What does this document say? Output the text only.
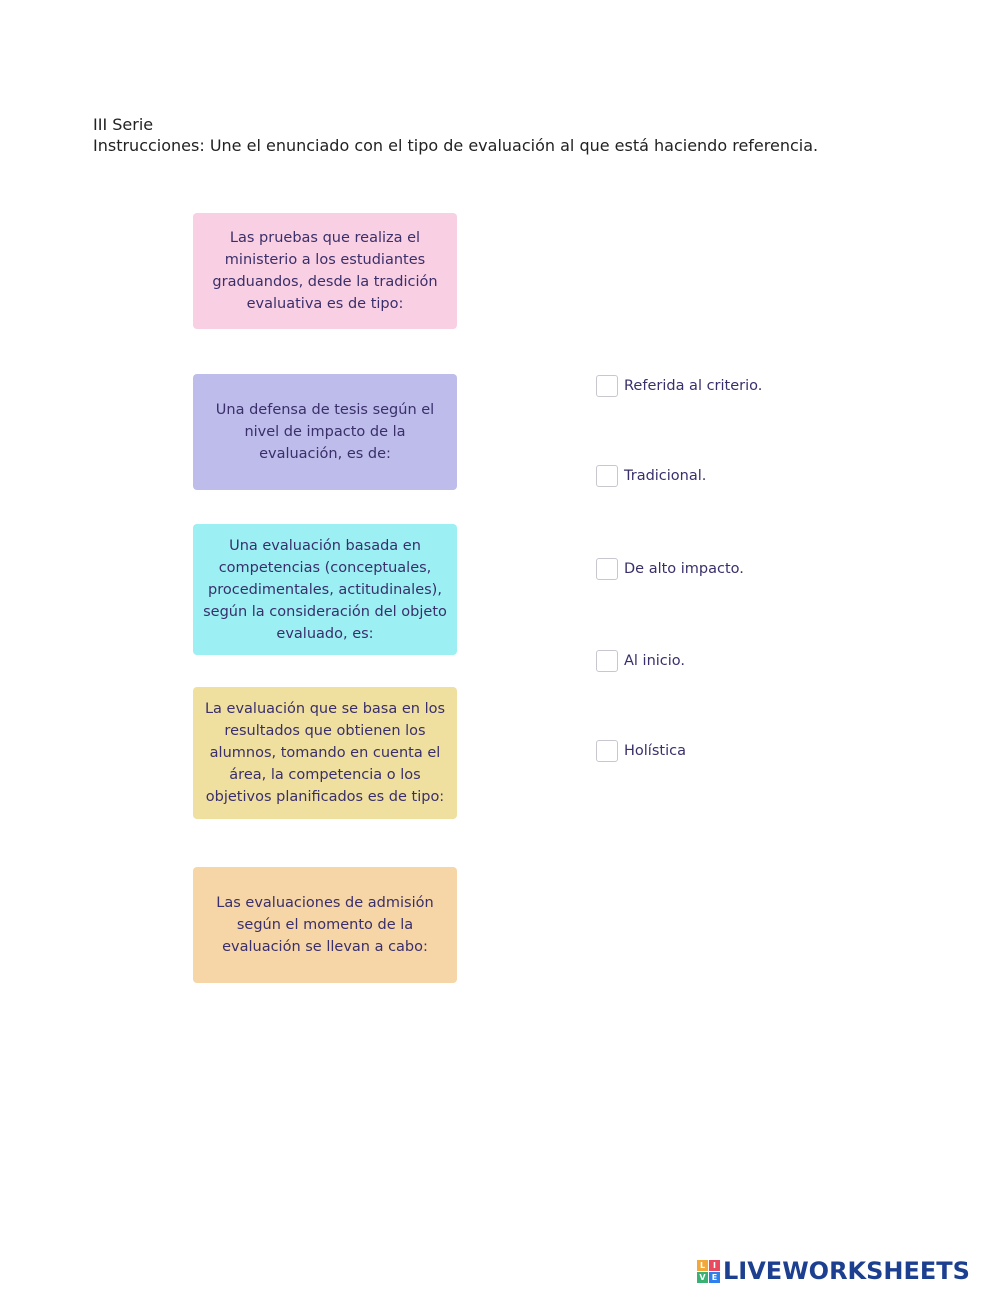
III Serie
Instrucciones: Une el enunciado con el tipo de evaluación al que está haciendo referencia.
Las pruebas que realiza el ministerio a los estudiantes graduandos, desde la tradición evaluativa es de tipo:
Una defensa de tesis según el nivel de impacto de la evaluación, es de:
Una evaluación basada en competencias (conceptuales, procedimentales, actitudinales), según la consideración del objeto evaluado, es:
La evaluación que se basa en los resultados que obtienen los alumnos, tomando en cuenta el área, la competencia o los objetivos planificados es de tipo:
Las evaluaciones de admisión según el momento de la evaluación se llevan a cabo:
Referida al criterio.
Tradicional.
De alto impacto.
Al inicio.
Holística
L I
V E LIVEWORKSHEETS
